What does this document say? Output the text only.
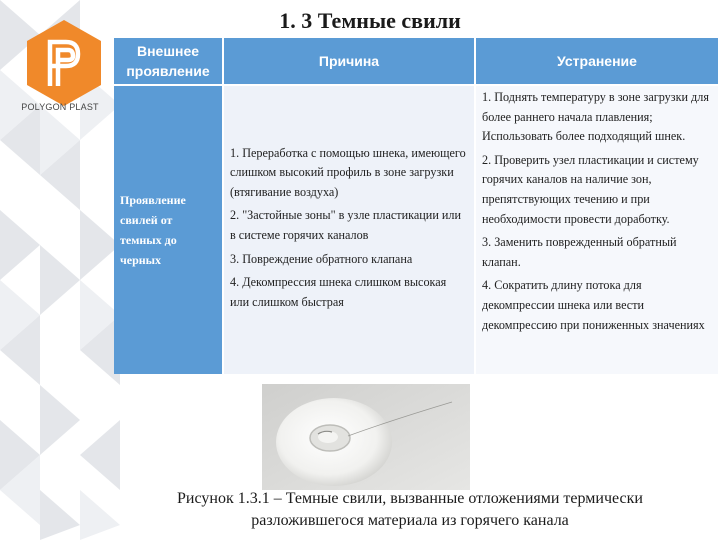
POLYGON PLAST
1. 3 Темные свили
Внешнее проявление
Причина	Устранение
Проявление свилей от темных до черных

1. Переработка с помощью шнека, имеющего слишком высокий профиль в зоне загрузки (втягивание воздуха)

2. "Застойные зоны" в узле пластикации или в системе горячих каналов

3. Повреждение обратного клапана

4. Декомпрессия шнека слишком высокая или слишком быстрая

1. Поднять температуру в зоне загрузки для более раннего начала плавления; Использовать более подходящий шнек.

2. Проверить узел пластикации и систему горячих каналов на наличие зон, препятствующих течению и при необходимости провести доработку.

3. Заменить поврежденный обратный клапан.

4. Сократить длину потока для декомпрессии шнека или вести декомпрессию при пониженных значениях

Рисунок 1.3.1 – Темные свили, вызванные отложениями термически разложившегося материала из горячего канала
